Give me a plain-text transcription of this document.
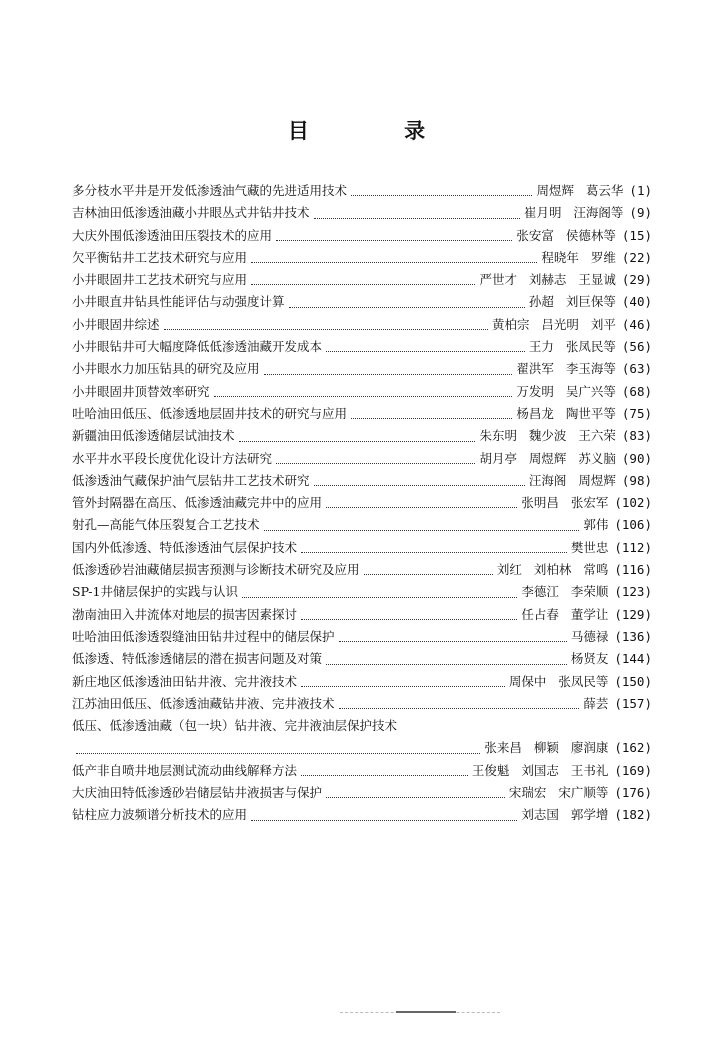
目 录
多分枝水平井是开发低渗透油气藏的先进适用技术	周煜辉 葛云华 (1)
吉林油田低渗透油藏小井眼丛式井钻井技术	崔月明 汪海阁等 (9)
大庆外围低渗透油田压裂技术的应用	张安富 侯德林等 (15)
欠平衡钻井工艺技术研究与应用	程晓年 罗维 (22)
小井眼固井工艺技术研究与应用	严世才 刘赫志 王显诚 (29)
小井眼直井钻具性能评估与动强度计算	孙超 刘巨保等 (40)
小井眼固井综述	黄柏宗 吕光明 刘平 (46)
小井眼钻井可大幅度降低低渗透油藏开发成本	王力 张凤民等 (56)
小井眼水力加压钻具的研究及应用	翟洪军 李玉海等 (63)
小井眼固井顶替效率研究	万发明 吴广兴等 (68)
吐哈油田低压、低渗透地层固井技术的研究与应用	杨昌龙 陶世平等 (75)
新疆油田低渗透储层试油技术	朱东明 魏少波 王六荣 (83)
水平井水平段长度优化设计方法研究	胡月亭 周煜辉 苏义脑 (90)
低渗透油气藏保护油气层钻井工艺技术研究	汪海阁 周煜辉 (98)
管外封隔器在高压、低渗透油藏完井中的应用	张明昌 张宏军 (102)
射孔—高能气体压裂复合工艺技术	郭伟 (106)
国内外低渗透、特低渗透油气层保护技术	樊世忠 (112)
低渗透砂岩油藏储层损害预测与诊断技术研究及应用	刘红 刘柏林 常鸣 (116)
SP-1井储层保护的实践与认识	李德江 李荣顺 (123)
渤南油田入井流体对地层的损害因素探讨	任占春 董学让 (129)
吐哈油田低渗透裂缝油田钻井过程中的储层保护	马德禄 (136)
低渗透、特低渗透储层的潜在损害问题及对策	杨贤友 (144)
新庄地区低渗透油田钻井液、完井液技术	周保中 张凤民等 (150)
江苏油田低压、低渗透油藏钻井液、完井液技术	薛芸 (157)
低压、低渗透油藏（包一块）钻井液、完井液油层保护技术
张来昌 柳颖 廖润康 (162)
低产非自喷井地层测试流动曲线解释方法	王俊魁 刘国志 王书礼 (169)
大庆油田特低渗透砂岩储层钻井液损害与保护	宋瑞宏 宋广顺等 (176)
钻柱应力波频谱分析技术的应用	刘志国 郭学增 (182)
